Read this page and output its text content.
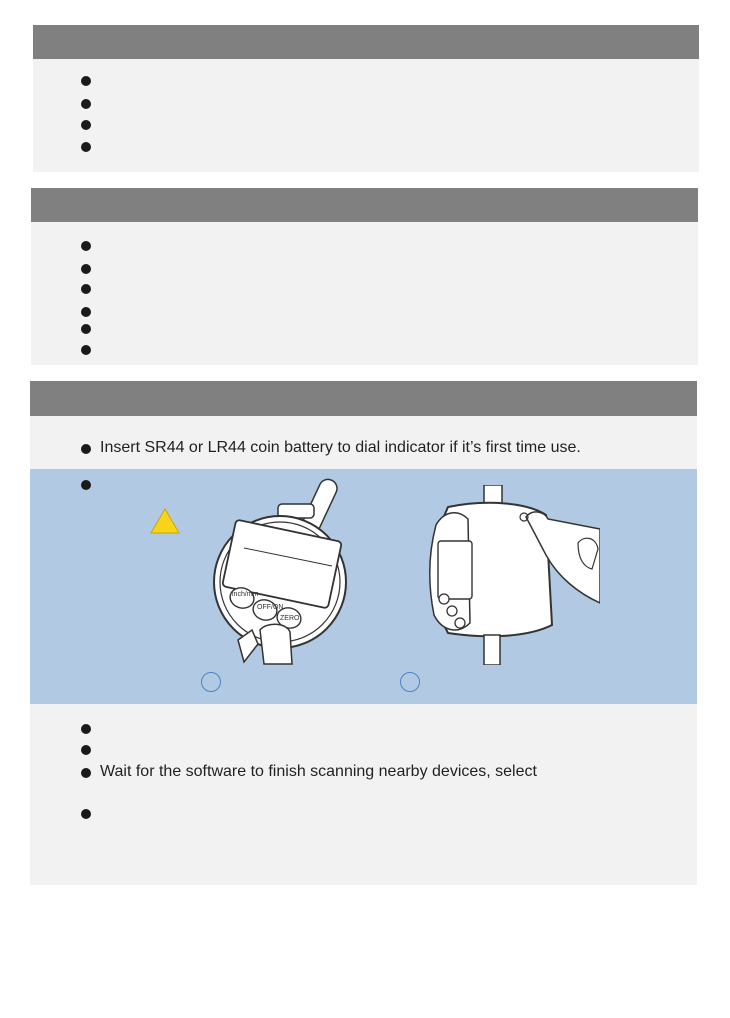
Insert SR44 or LR44 coin battery to dial indicator if it’s first time use.
inch/mm
OFF/ON
ZERO
Wait for the software to finish scanning nearby devices, select
